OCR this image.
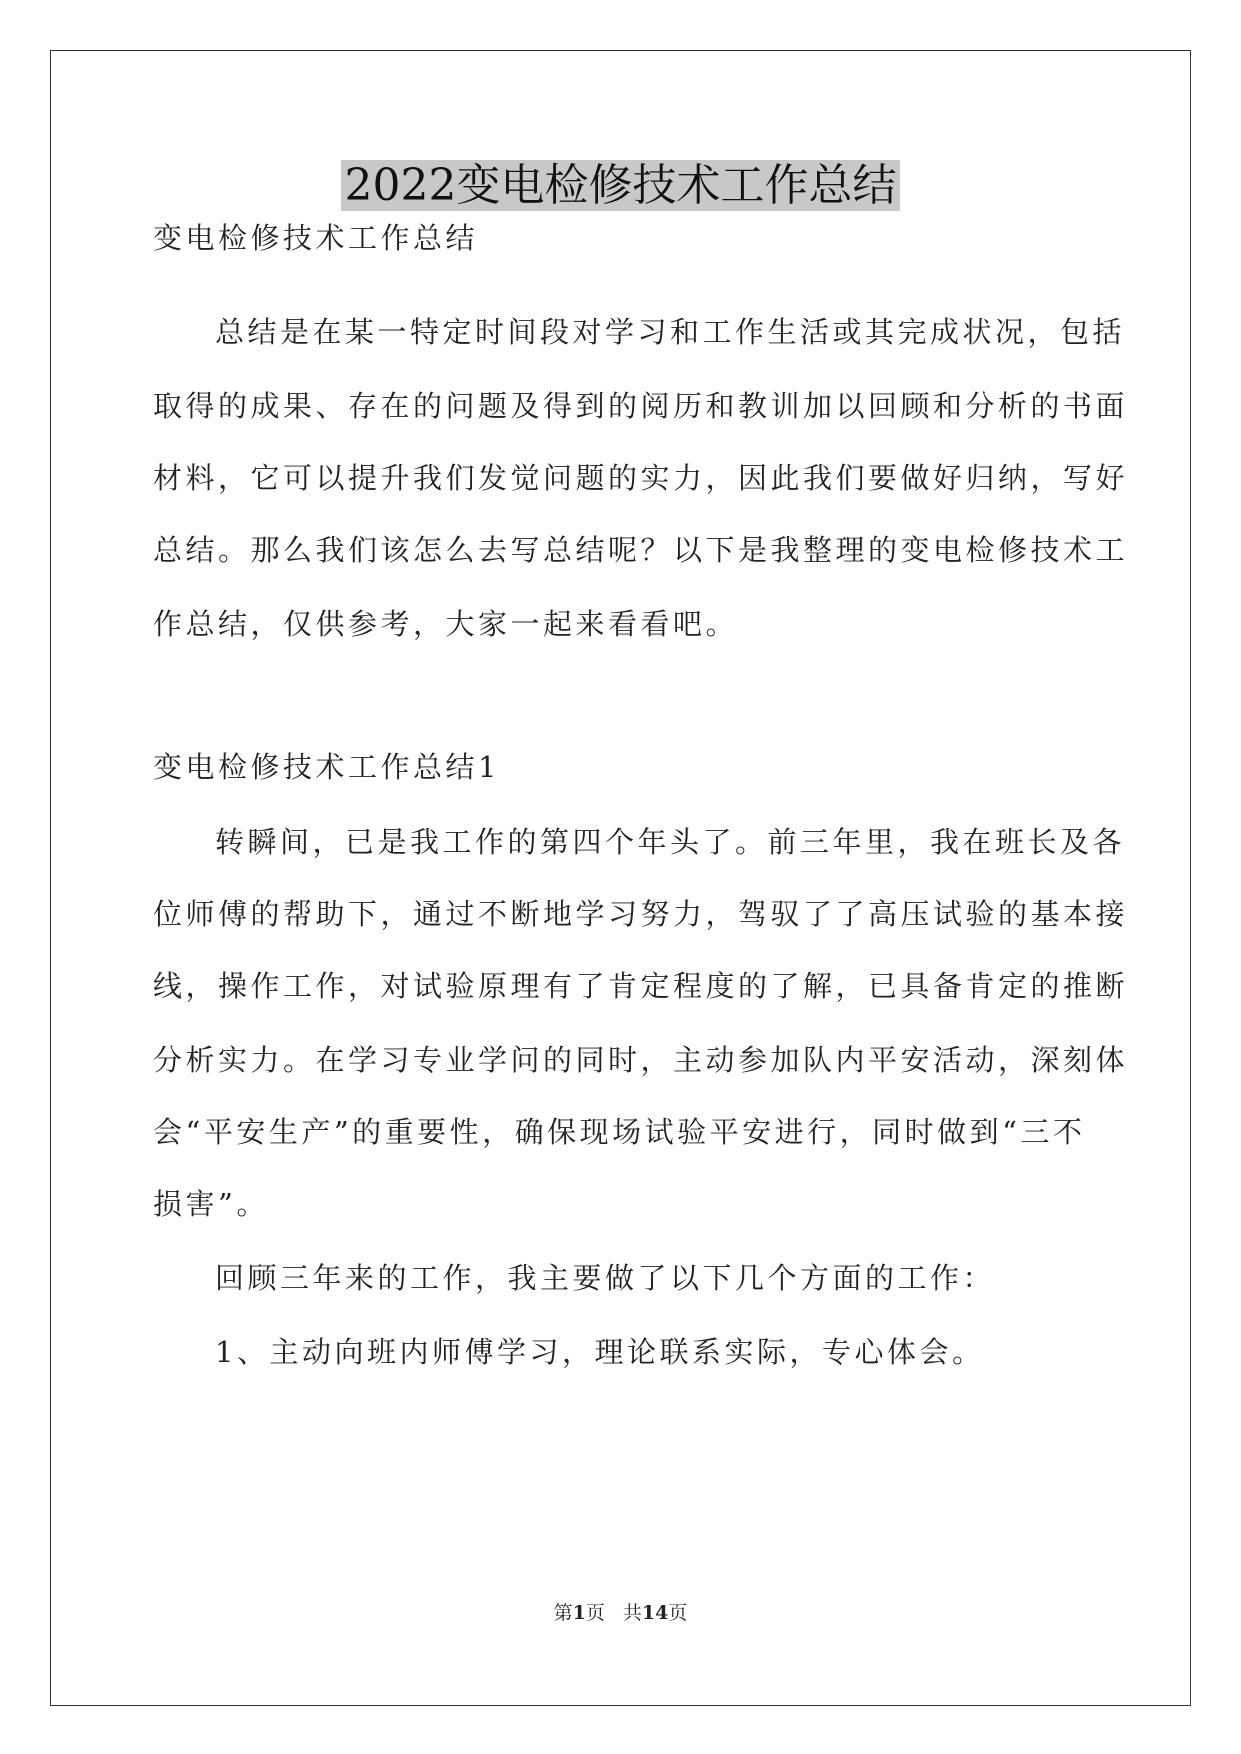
2022变电检修技术工作总结

变电检修技术工作总结

总结是在某一特定时间段对学习和工作生活或其完成状况，包括

取得的成果、存在的问题及得到的阅历和教训加以回顾和分析的书面

材料，它可以提升我们发觉问题的实力，因此我们要做好归纳，写好

总结。那么我们该怎么去写总结呢？以下是我整理的变电检修技术工

作总结，仅供参考，大家一起来看看吧。

变电检修技术工作总结1

转瞬间，已是我工作的第四个年头了。前三年里，我在班长及各

位师傅的帮助下，通过不断地学习努力，驾驭了了高压试验的基本接

线，操作工作，对试验原理有了肯定程度的了解，已具备肯定的推断

分析实力。在学习专业学问的同时，主动参加队内平安活动，深刻体

会“平安生产”的重要性，确保现场试验平安进行，同时做到“三不

损害”。

回顾三年来的工作，我主要做了以下几个方面的工作：

1、主动向班内师傅学习，理论联系实际，专心体会。

第1页 共14页
